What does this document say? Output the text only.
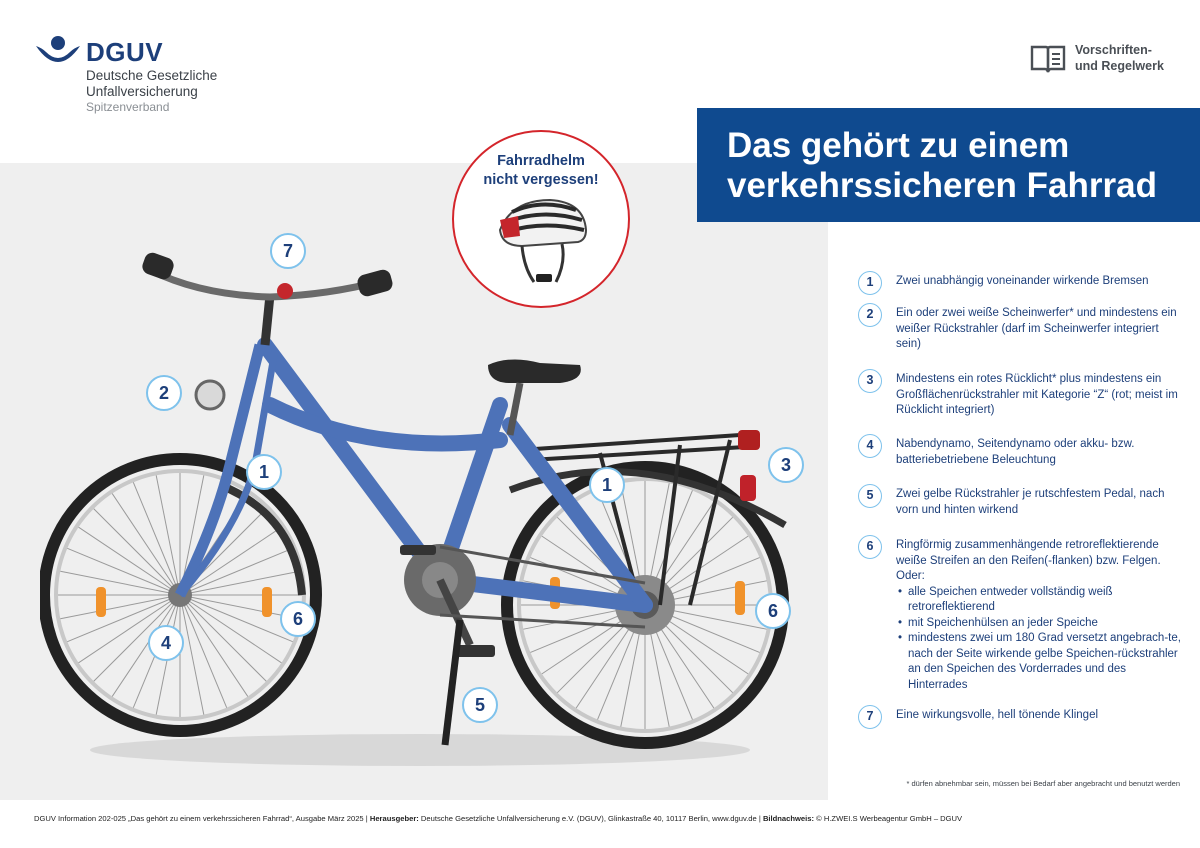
DGUV
Deutsche Gesetzliche
Unfallversicherung
Spitzenverband
Vorschriften-
und Regelwerk
Das gehört zu einem
verkehrssicheren Fahrrad
Fahrradhelm
nicht vergessen!
7
2
1
1
3
4
6	6
5
1	Zwei unabhängig voneinander wirkende Bremsen
2	Ein oder zwei weiße Scheinwerfer* und mindestens ein weißer Rückstrahler (darf im Scheinwerfer integriert sein)
3	Mindestens ein rotes Rücklicht* plus mindestens ein Großflächenrückstrahler mit Kategorie “Z“ (rot; meist im Rücklicht integriert)
4	Nabendynamo, Seitendynamo oder akku- bzw. batteriebetriebene Beleuchtung
5	Zwei gelbe Rückstrahler je rutschfestem Pedal, nach vorn und hinten wirkend
6	Ringförmig zusammenhängende retroreflektierende weiße Streifen an den Reifen(-flanken) bzw. Felgen. Oder:
• alle Speichen entweder vollständig weiß retroreflektierend
• mit Speichenhülsen an jeder Speiche
• mindestens zwei um 180 Grad versetzt angebrach-te, nach der Seite wirkende gelbe Speichen-rückstrahler an den Speichen des Vorderrades und des Hinterrades
7	Eine wirkungsvolle, hell tönende Klingel
* dürfen abnehmbar sein, müssen bei Bedarf aber angebracht und benutzt werden
DGUV Information 202-025 „Das gehört zu einem verkehrssicheren Fahrrad“, Ausgabe März 2025 | Herausgeber: Deutsche Gesetzliche Unfallversicherung e.V. (DGUV), Glinkastraße 40, 10117 Berlin, www.dguv.de | Bildnachweis: © H.ZWEI.S Werbeagentur GmbH – DGUV
